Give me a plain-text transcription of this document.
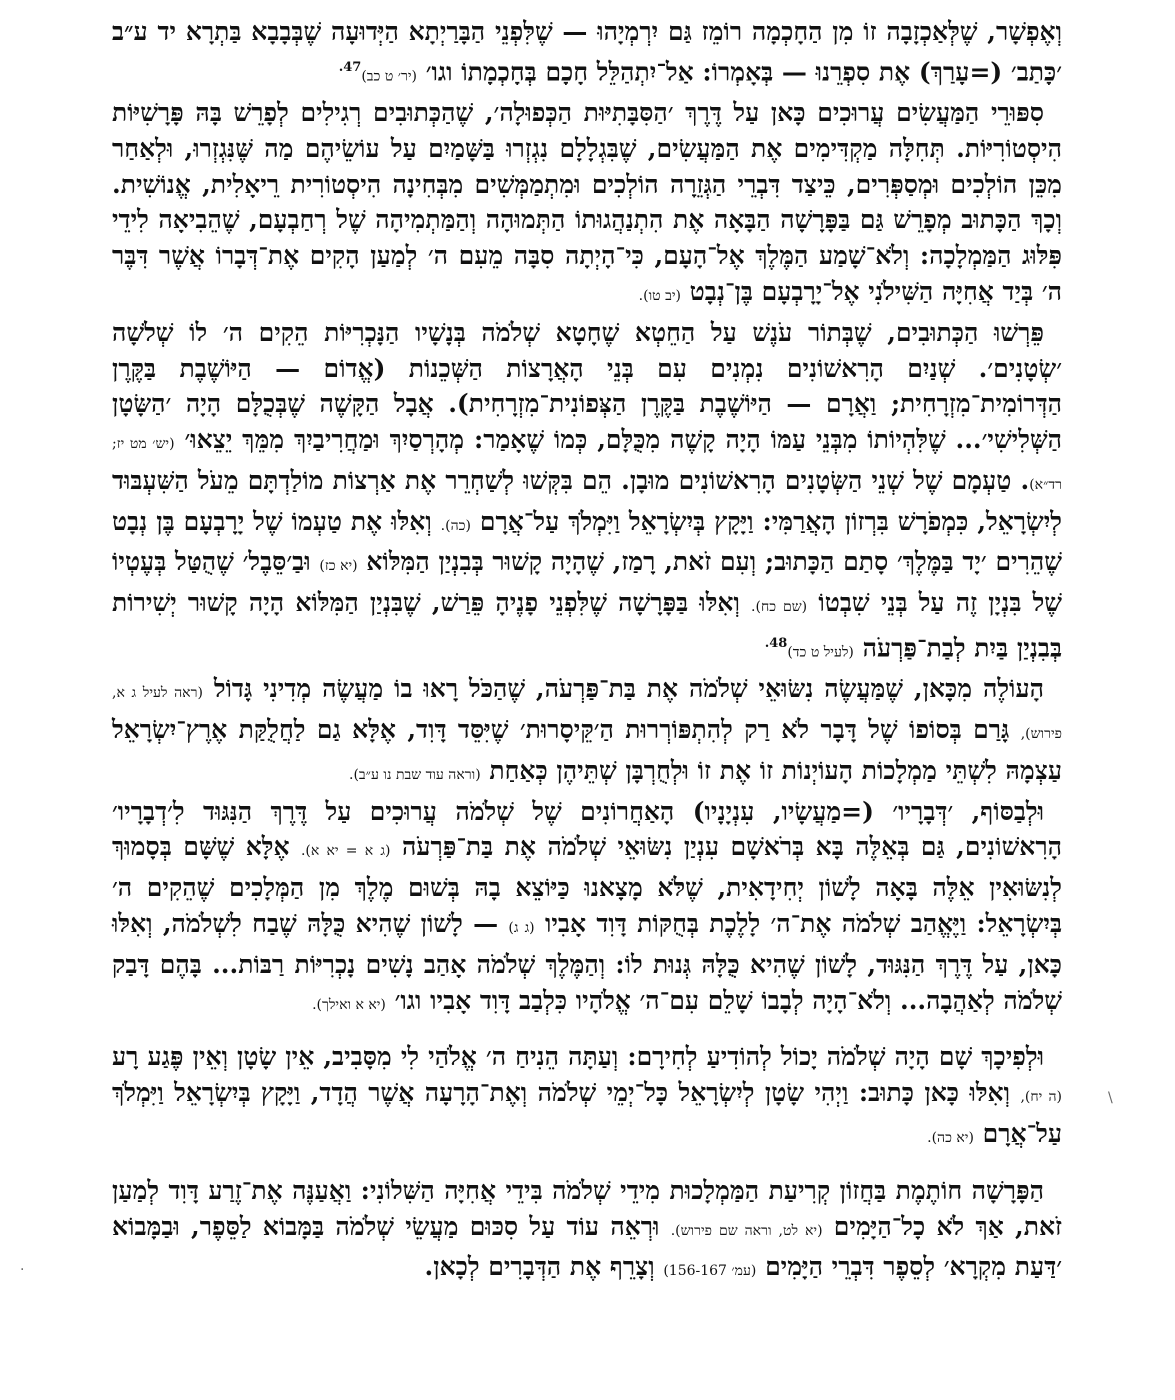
וְאֶפְשָׁר, שֶׁלְּאַכְזָבָה זוֹ מִן הַחָכְמָה רוֹמֵז גַּם יִרְמְיָהוּ — שֶׁלִּפְנֵי הַבָּרַיְתָא הַיְּדוּעָה שֶׁבְּבָבָא בַּתְרָא יד ע״ב ׳כָּתַב׳ (=עָרַךְ) אֶת סִפְרֵנוּ — בְּאָמְרוֹ: אַל־יִתְהַלֵּל חָכָם בְּחָכְמָתוֹ וגו׳ (יר׳ ט כב)$^{47.}$

סִפּוּרֵי הַמַּעֲשִׂים עֲרוּכִים כָּאן עַל דֶּרֶךְ ׳הַסִּבָּתִיּוּת הַכְּפוּלָה׳, שֶׁהַכְּתוּבִים רְגִילִים לְפָרֵשׁ בָּהּ פָּרָשִׁיּוֹת הִיסְטוֹרִיּוֹת. תְּחִלָּה מַקְדִּימִים אֶת הַמַּעֲשִׂים, שֶׁבִּגְלָלָם נִגְזְרוּ בַּשָּׁמַיִם עַל עוֹשֵׂיהֶם מַה שֶּׁנִּגְזְרוּ, וּלְאַחַר מִכֵּן הוֹלְכִים וּמְסַפְּרִים, כֵּיצַד דִּבְרֵי הַגְּזֵרָה הוֹלְכִים וּמִתְמַמְּשִׁים מִבְּחִינָה הִיסְטוֹרִית רֵיאָלִית, אֱנוֹשִׁית. וְכָךְ הַכָּתוּב מְפָרֵשׁ גַּם בַּפָּרָשָׁה הַבָּאָה אֶת הִתְנַהֲגוּתוֹ הַתְּמוּהָה וְהַמַּתְמִיהָה שֶׁל רְחַבְעָם, שֶׁהֵבִיאָה לִידֵי פִּלּוּג הַמַּמְלָכָה: וְלֹא־שָׁמַע הַמֶּלֶךְ אֶל־הָעָם, כִּי־הָיְתָה סִבָּה מֵעִם ה׳ לְמַעַן הָקִים אֶת־דְּבָרוֹ אֲשֶׁר דִּבֶּר ה׳ בְּיַד אֲחִיָּה הַשִּׁילֹנִי אֶל־יָרָבְעָם בֶּן־נְבָט (יב טו).

פֵּרְשׁוּ הַכְּתוּבִים, שֶׁבְּתוֹר עֹנֶשׁ עַל הַחֵטְא שֶׁחָטָא שְׁלֹמֹה בְּנָשָׁיו הַנָּכְרִיּוֹת הֵקִים ה׳ לוֹ שְׁלֹשָׁה ׳שְׂטָנִים׳. שְׁנַיִם הָרִאשׁוֹנִים נִמְנִים עִם בְּנֵי הָאֲרָצוֹת הַשְּׁכֵנוֹת (אֱדוֹם — הַיּוֹשֶׁבֶת בַּקֶּרֶן הַדְּרוֹמִית־מִזְרָחִית; וַאֲרָם — הַיּוֹשֶׁבֶת בַּקֶּרֶן הַצְּפוֹנִית־מִזְרָחִית). אֲבָל הַקָּשֶׁה שֶׁבְּכֻלָּם הָיָה ׳הַשָּׂטָן הַשְּׁלִישִׁי׳... שֶׁלִּהְיוֹתוֹ מִבְּנֵי עַמּוֹ הָיָה קָשֶׁה מִכֻּלָּם, כְּמוֹ שֶׁאָמַר: מְהָרְסַיִךְ וּמַחֲרִיבַיִךְ מִמֵּךְ יֵצֵאוּ׳ (יש׳ מט יז; רד״א). טַעְמָם שֶׁל שְׁנֵי הַשְּׂטָנִים הָרִאשׁוֹנִים מוּבָן. הֵם בִּקְּשׁוּ לְשַׁחְרֵר אֶת אַרְצוֹת מוֹלַדְתָּם מֵעֹל הַשִּׁעְבּוּד לְיִשְׂרָאֵל, כִּמְפֹרָשׁ בִּרְזוֹן הָאֲרַמִּי: וַיָּקָץ בְּיִשְׂרָאֵל וַיִּמְלֹךְ עַל־אֲרָם (כה). וְאִלּוּ אֶת טַעְמוֹ שֶׁל יָרָבְעָם בֶּן נְבָט שֶׁהֵרִים ׳יָד בַּמֶּלֶךְ׳ סָתַם הַכָּתוּב; וְעִם זֹאת, רָמַז, שֶׁהָיָה קָשׁוּר בְּבִנְיַן הַמִּלּוֹא (יא כז) וּבַ׳סֵּבֶל׳ שֶׁהֻטַּל בְּעֶטְיוֹ שֶׁל בִּנְיָן זֶה עַל בְּנֵי שִׁבְטוֹ (שם כח). וְאִלּוּ בַּפָּרָשָׁה שֶׁלִּפְנֵי פָנֶיהָ פֵּרַשׁ, שֶׁבִּנְיַן הַמִּלּוֹא הָיָה קָשׁוּר יְשִׁירוֹת בְּבִנְיַן בַּיִת לְבַת־פַּרְעֹה (לעיל ט כד)$^{48.}$

הָעוֹלֶה מִכָּאן, שֶׁמַּעֲשֶׂה נִשּׂוּאֵי שְׁלֹמֹה אֶת בַּת־פַּרְעֹה, שֶׁהַכֹּל רָאוּ בוֹ מַעֲשֶׂה מְדִינִי גָּדוֹל (ראה לעיל ג א, פירוש), גָּרַם בְּסוֹפוֹ שֶׁל דָּבָר לֹא רַק לְהִתְפּוֹרְרוּת הַ׳קֵּיסָרוּת׳ שֶׁיִּסֵּד דָּוִד, אֶלָּא גַם לַחֲלֻקַּת אֶרֶץ־יִשְׂרָאֵל עַצְמָהּ לִשְׁתֵּי מַמְלָכוֹת הָעוֹיְנוֹת זוֹ אֶת זוֹ וּלְחֻרְבָּן שְׁתֵּיהֶן כְּאַחַת (וראה עוד שבת נו ע״ב).

וּלְבַסּוֹף, ׳דְּבָרָיו׳ (=מַעֲשָׂיו, עִנְיָנָיו) הָאַחֲרוֹנִים שֶׁל שְׁלֹמֹה עֲרוּכִים עַל דֶּרֶךְ הַנִּגּוּד לִ׳דְבָרָיו׳ הָרִאשׁוֹנִים, גַּם בְּאֵלֶּה בָּא בְּרֹאשָׁם עִנְיַן נִשּׂוּאֵי שְׁלֹמֹה אֶת בַּת־פַּרְעֹה (ג א = יא א). אֶלָּא שֶׁשָּׁם בְּסָמוּךְ לְנִשּׂוּאִין אֵלֶּה בָּאָה לָשׁוֹן יְחִידָאִית, שֶׁלֹּא מָצָאנוּ כַּיּוֹצֵא בָהּ בְּשׁוּם מֶלֶךְ מִן הַמְּלָכִים שֶׁהֵקִים ה׳ בְּיִשְׂרָאֵל: וַיֶּאֱהַב שְׁלֹמֹה אֶת־ה׳ לָלֶכֶת בְּחֻקּוֹת דָּוִד אָבִיו (ג ג) — לָשׁוֹן שֶׁהִיא כֻּלָּהּ שֶׁבַח לִשְׁלֹמֹה, וְאִלּוּ כָּאן, עַל דֶּרֶךְ הַנִּגּוּד, לָשׁוֹן שֶׁהִיא כֻּלָּהּ גְּנוּת לוֹ: וְהַמֶּלֶךְ שְׁלֹמֹה אָהַב נָשִׁים נָכְרִיּוֹת רַבּוֹת... בָּהֶם דָּבַק שְׁלֹמֹה לְאַהֲבָה... וְלֹא־הָיָה לְבָבוֹ שָׁלֵם עִם־ה׳ אֱלֹהָיו כִּלְבַב דָּוִד אָבִיו וגו׳ (יא א ואילך).

וּלְפִיכָךְ שָׁם הָיָה שְׁלֹמֹה יָכוֹל לְהוֹדִיעַ לְחִירָם: וְעַתָּה הֵנִיחַ ה׳ אֱלֹהַי לִי מִסָּבִיב, אֵין שָׂטָן וְאֵין פֶּגַע רָע (ה יח), וְאִלּוּ כָּאן כָּתוּב: וַיְהִי שָׂטָן לְיִשְׂרָאֵל כָּל־יְמֵי שְׁלֹמֹה וְאֶת־הָרָעָה אֲשֶׁר הֲדָד, וַיָּקָץ בְּיִשְׂרָאֵל וַיִּמְלֹךְ עַל־אֲרָם (יא כה).

הַפָּרָשָׁה חוֹתֶמֶת בַּחֲזוֹן קְרִיעַת הַמַּמְלָכוּת מִידֵי שְׁלֹמֹה בִּידֵי אֲחִיָּה הַשִּׁלוֹנִי: וַאֲעַנֶּה אֶת־זֶרַע דָּוִד לְמַעַן זֹאת, אַךְ לֹא כָל־הַיָּמִים (יא לט, וראה שם פירוש). וּרְאֵה עוֹד עַל סִכּוּם מַעֲשֵׂי שְׁלֹמֹה בַּמָּבוֹא לַסֵּפֶר, וּבַמָּבוֹא ׳דַּעַת מִקְרָא׳ לְסֵפֶר דִּבְרֵי הַיָּמִים (עמ׳ 156-167) וְצָרֵף אֶת הַדְּבָרִים לְכָאן.

\
·
